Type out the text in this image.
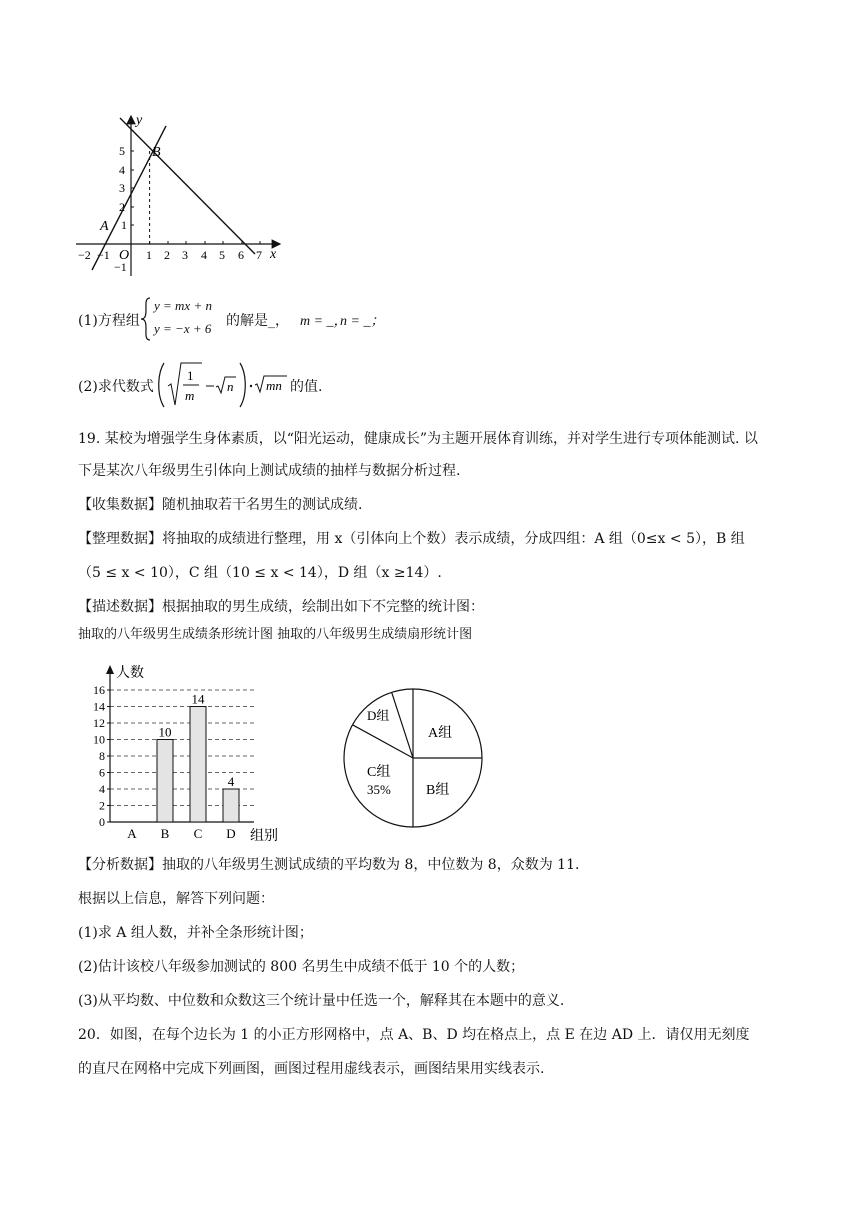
y
x
B
A
O
−2 −1	1 2 3 4 5 6 7
5
4
3
2
1
−1
(1)方程组
y = mx + n
y = −x + 6 的解是_， m = _，
n = _；
(2)求代数式
1
m
n	mn 的值.
19. 某校为增强学生身体素质，以“阳光运动，健康成长”为主题开展体育训练，并对学生进行专项体能测试. 以
下是某次八年级男生引体向上测试成绩的抽样与数据分析过程.
【收集数据】随机抽取若干名男生的测试成绩.
【整理数据】将抽取的成绩进行整理，用 x（引体向上个数）表示成绩，分成四组：A 组（0≤x < 5），B 组
（5 ≤ x < 10），C 组（10 ≤ x < 14），D 组（x ≥14）.
【描述数据】根据抽取的男生成绩，绘制出如下不完整的统计图：
抽取的八年级男生成绩条形统计图 抽取的八年级男生成绩扇形统计图
0
2
4
6
8
10
12
14
16
人数
组别
A
10
B
14
C
4
D
A组
B组
C组
35%
D组
【分析数据】抽取的八年级男生测试成绩的平均数为 8，中位数为 8，众数为 11.
根据以上信息，解答下列问题：
(1)求 A 组人数，并补全条形统计图；
(2)估计该校八年级参加测试的 800 名男生中成绩不低于 10 个的人数；
(3)从平均数、中位数和众数这三个统计量中任选一个，解释其在本题中的意义.
20．如图，在每个边长为 1 的小正方形网格中，点 A、B、D 均在格点上，点 E 在边 AD 上．请仅用无刻度
的直尺在网格中完成下列画图，画图过程用虚线表示，画图结果用实线表示.
